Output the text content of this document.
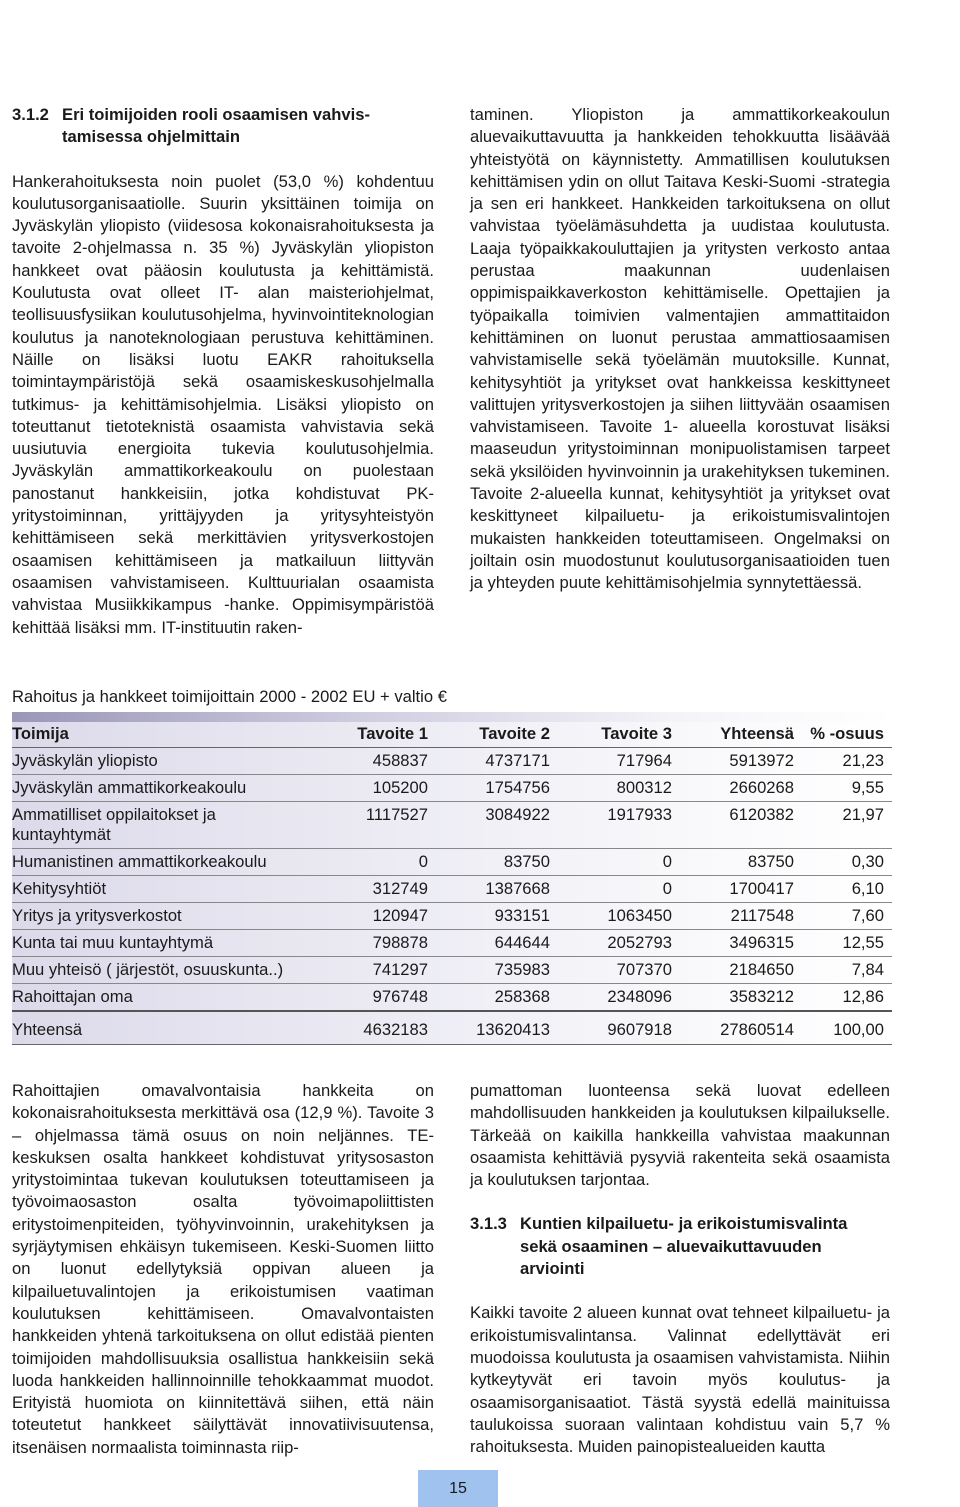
3.1.2 Eri toimijoiden rooli osaamisen vahvis-
tamisessa ohjelmittain

Hankerahoituksesta noin puolet (53,0 %) kohdentuu koulutusorganisaatiolle. Suurin yksittäinen toimija on Jyväskylän yliopisto (viidesosa kokonaisrahoituksesta ja tavoite 2-ohjelmassa n. 35 %) Jyväskylän yliopiston hankkeet ovat pääosin koulutusta ja kehittämistä. Koulutusta ovat olleet IT- alan maisteriohjelmat, teollisuusfysiikan koulutusohjelma, hyvinvointiteknologian koulutus ja nanoteknologiaan perustuva kehittäminen. Näille on lisäksi luotu EAKR rahoituksella toimintaympäristöjä sekä osaamiskeskusohjelmalla tutkimus- ja kehittämisohjelmia. Lisäksi yliopisto on toteuttanut tietoteknistä osaamista vahvistavia sekä uusiutuvia energioita tukevia koulutusohjelmia. Jyväskylän ammattikorkeakoulu on puolestaan panostanut hankkeisiin, jotka kohdistuvat PK-yritystoiminnan, yrittäjyyden ja yritysyhteistyön kehittämiseen sekä merkittävien yritysverkostojen osaamisen kehittämiseen ja matkailuun liittyvän osaamisen vahvistamiseen. Kulttuurialan osaamista vahvistaa Musiikkikampus -hanke. Oppimisympäristöä kehittää lisäksi mm. IT-instituutin raken-

taminen. Yliopiston ja ammattikorkeakoulun aluevaikuttavuutta ja hankkeiden tehokkuutta lisäävää yhteistyötä on käynnistetty. Ammatillisen koulutuksen kehittämisen ydin on ollut Taitava Keski-Suomi -strategia ja sen eri hankkeet. Hankkeiden tarkoituksena on ollut vahvistaa työelämäsuhdetta ja uudistaa koulutusta. Laaja työpaikkakouluttajien ja yritysten verkosto antaa perustaa maakunnan uudenlaisen oppimispaikkaverkoston kehittämiselle. Opettajien ja työpaikalla toimivien valmentajien ammattitaidon kehittäminen on luonut perustaa ammattiosaamisen vahvistamiselle sekä työelämän muutoksille. Kunnat, kehitysyhtiöt ja yritykset ovat hankkeissa keskittyneet valittujen yritysverkostojen ja siihen liittyvään osaamisen vahvistamiseen. Tavoite 1- alueella korostuvat lisäksi maaseudun yritystoiminnan monipuolistamisen tarpeet sekä yksilöiden hyvinvoinnin ja urakehityksen tukeminen. Tavoite 2-alueella kunnat, kehitysyhtiöt ja yritykset ovat keskittyneet kilpailuetu- ja erikoistumisvalintojen mukaisten hankkeiden toteuttamiseen. Ongelmaksi on joiltain osin muodostunut koulutusorganisaatioiden tuen ja yhteyden puute kehittämisohjelmia synnytettäessä.

Rahoitus ja hankkeet toimijoittain 2000 - 2002 EU + valtio €
Toimija	Tavoite 1	Tavoite 2	Tavoite 3	Yhteensä	% -osuus
Jyväskylän yliopisto	458837	4737171	717964	5913972	21,23
Jyväskylän ammattikorkeakoulu	105200	1754756	800312	2660268	9,55
Ammatilliset oppilaitokset ja kuntayhtymät	1117527	3084922	1917933	6120382	21,97
Humanistinen ammattikorkeakoulu	0	83750	0	83750	0,30
Kehitysyhtiöt	312749	1387668	0	1700417	6,10
Yritys ja yritysverkostot	120947	933151	1063450	2117548	7,60
Kunta tai muu kuntayhtymä	798878	644644	2052793	3496315	12,55
Muu yhteisö ( järjestöt, osuuskunta..)	741297	735983	707370	2184650	7,84
Rahoittajan oma	976748	258368	2348096	3583212	12,86
Yhteensä	4632183	13620413	9607918	27860514	100,00

Rahoittajien omavalvontaisia hankkeita on kokonaisrahoituksesta merkittävä osa (12,9 %). Tavoite 3 – ohjelmassa tämä osuus on noin neljännes. TE-keskuksen osalta hankkeet kohdistuvat yritysosaston yritystoimintaa tukevan koulutuksen toteuttamiseen ja työvoimaosaston osalta työvoimapoliittisten eritystoimenpiteiden, työhyvinvoinnin, urakehityksen ja syrjäytymisen ehkäisyn tukemiseen. Keski-Suomen liitto on luonut edellytyksiä oppivan alueen ja kilpailuetuvalintojen ja erikoistumisen vaatiman koulutuksen kehittämiseen. Omavalvontaisten hankkeiden yhtenä tarkoituksena on ollut edistää pienten toimijoiden mahdollisuuksia osallistua hankkeisiin sekä luoda hankkeiden hallinnoinnille tehokkaammat muodot. Erityistä huomiota on kiinnitettävä siihen, että näin toteutetut hankkeet säilyttävät innovatiivisuutensa, itsenäisen normaalista toiminnasta riip-

pumattoman luonteensa sekä luovat edelleen mahdollisuuden hankkeiden ja koulutuksen kilpailukselle. Tärkeää on kaikilla hankkeilla vahvistaa maakunnan osaamista kehittäviä pysyviä rakenteita sekä osaamista ja koulutuksen tarjontaa.

3.1.3 Kuntien kilpailuetu- ja erikoistumisvalinta
sekä osaaminen – aluevaikuttavuuden
arviointi

Kaikki tavoite 2 alueen kunnat ovat tehneet kilpailuetu- ja erikoistumisvalintansa. Valinnat edellyttävät eri muodoissa koulutusta ja osaamisen vahvistamista. Niihin kytkeytyvät eri tavoin myös koulutus- ja osaamisorganisaatiot. Tästä syystä edellä mainituissa taulukoissa suoraan valintaan kohdistuu vain 5,7 % rahoituksesta. Muiden painopistealueiden kautta

15
